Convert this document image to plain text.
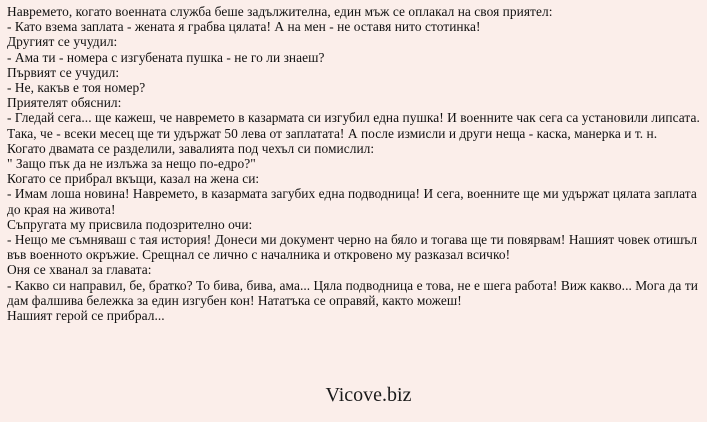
Навремето, когато военната служба беше задължителна, един мъж се оплакал на своя приятел:
- Като взема заплата - жената я грабва цялата! А на мен - не оставя нито стотинка!
Другият се учудил:
- Ама ти - номера с изгубената пушка - не го ли знаеш?
Първият се учудил:
- Не, какъв е тоя номер?
Приятелят обяснил:
- Гледай сега... ще кажеш, че навремето в казармата си изгубил една пушка! И военните чак сега са установили липсата. Така, че - всеки месец ще ти удържат 50 лева от заплатата! А после измисли и други неща - каска, манерка и т. н.
Когато двамата се разделили, завалията под чехъл си помислил:
" Защо пък да не излъжа за нещо по-едро?"
Когато се прибрал вкъщи, казал на жена си:
- Имам лоша новина! Навремето, в казармата загубих една подводница! И сега, военните ще ми удържат цялата заплата до края на живота!
Съпругата му присвила подозрително очи:
- Нещо ме съмняваш с тая история! Донеси ми документ черно на бяло и тогава ще ти повярвам! Нашият човек отишъл във военното окръжие. Срещнал се лично с началника и откровено му разказал всичко!
Оня се хванал за главата:
- Какво си направил, бе, братко? То бива, бива, ама... Цяла подводница е това, не е шега работа! Виж какво... Мога да ти дам фалшива бележка за един изгубен кон! Нататъка се оправяй, както можеш!
Нашият герой се прибрал...
Vicove.biz
